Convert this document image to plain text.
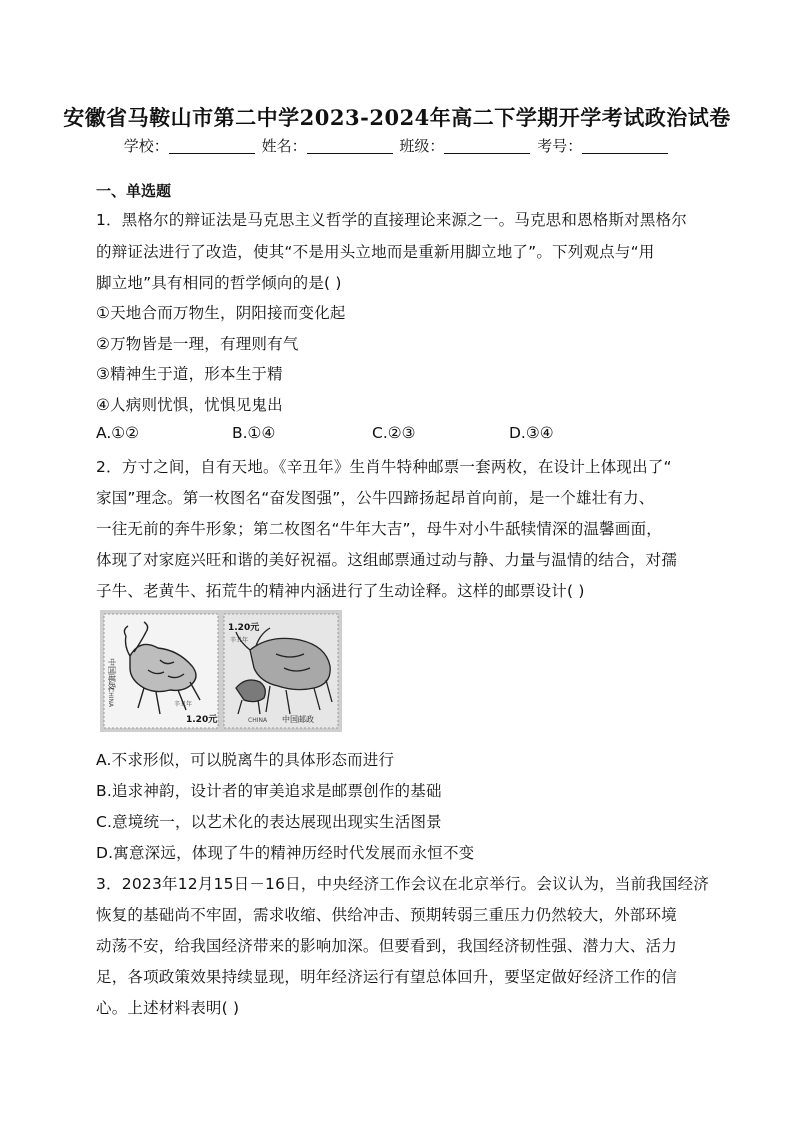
安徽省马鞍山市第二中学2023-2024年高二下学期开学考试政治试卷
学校：	姓名：	班级：	考号：
一、单选题
1．黑格尔的辩证法是马克思主义哲学的直接理论来源之一。马克思和恩格斯对黑格尔
的辩证法进行了改造，使其“不是用头立地而是重新用脚立地了”。下列观点与“用
脚立地”具有相同的哲学倾向的是( )
①天地合而万物生，阴阳接而变化起
②万物皆是一理，有理则有气
③精神生于道，形本生于精
④人病则忧惧，忧惧见鬼出
A.①②	B.①④	C.②③	D.③④
2．方寸之间，自有天地。《辛丑年》生肖牛特种邮票一套两枚，在设计上体现出了“
家国”理念。第一枚图名“奋发图强”，公牛四蹄扬起昂首向前，是一个雄壮有力、
一往无前的奔牛形象；第二枚图名“牛年大吉”，母牛对小牛舐犊情深的温馨画面，
体现了对家庭兴旺和谐的美好祝福。这组邮票通过动与静、力量与温情的结合，对孺
子牛、老黄牛、拓荒牛的精神内涵进行了生动诠释。这样的邮票设计( )
中国邮政
CHINA	辛丑年
1.20元
1.20元
辛丑年
CHINA 中国邮政
A.不求形似，可以脱离牛的具体形态而进行
B.追求神韵，设计者的审美追求是邮票创作的基础
C.意境统一，以艺术化的表达展现出现实生活图景
D.寓意深远，体现了牛的精神历经时代发展而永恒不变
3．2023年12月15日－16日，中央经济工作会议在北京举行。会议认为，当前我国经济
恢复的基础尚不牢固，需求收缩、供给冲击、预期转弱三重压力仍然较大，外部环境
动荡不安，给我国经济带来的影响加深。但要看到，我国经济韧性强、潜力大、活力
足，各项政策效果持续显现，明年经济运行有望总体回升，要坚定做好经济工作的信
心。上述材料表明( )
